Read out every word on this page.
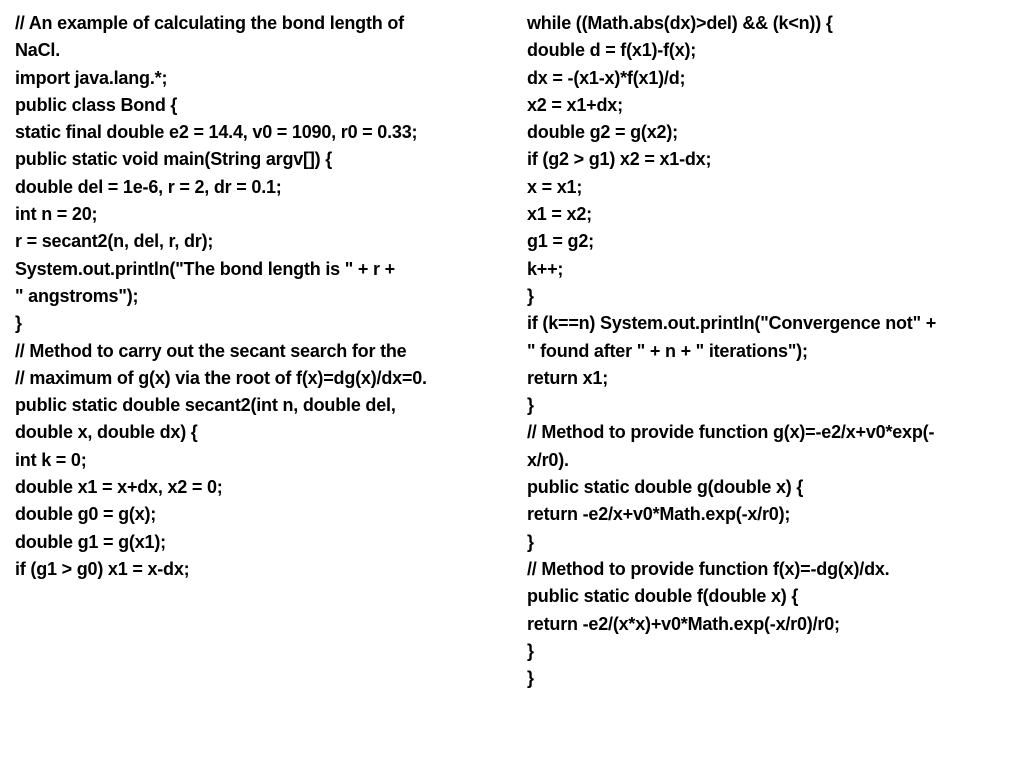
// An example of calculating the bond length of
NaCl.
import java.lang.*;
public class Bond {
static final double e2 = 14.4, v0 = 1090, r0 = 0.33;
public static void main(String argv[]) {
double del = 1e-6, r = 2, dr = 0.1;
int n = 20;
r = secant2(n, del, r, dr);
System.out.println("The bond length is " + r +
" angstroms");
}
// Method to carry out the secant search for the
// maximum of g(x) via the root of f(x)=dg(x)/dx=0.
public static double secant2(int n, double del,
double x, double dx) {
int k = 0;
double x1 = x+dx, x2 = 0;
double g0 = g(x);
double g1 = g(x1);
if (g1 > g0) x1 = x-dx;
while ((Math.abs(dx)>del) && (k<n)) {
double d = f(x1)-f(x);
dx = -(x1-x)*f(x1)/d;
x2 = x1+dx;
double g2 = g(x2);
if (g2 > g1) x2 = x1-dx;
x = x1;
x1 = x2;
g1 = g2;
k++;
}
if (k==n) System.out.println("Convergence not" +
" found after " + n + " iterations");
return x1;
}
// Method to provide function g(x)=-e2/x+v0*exp(-
x/r0).
public static double g(double x) {
return -e2/x+v0*Math.exp(-x/r0);
}
// Method to provide function f(x)=-dg(x)/dx.
public static double f(double x) {
return -e2/(x*x)+v0*Math.exp(-x/r0)/r0;
}
}
